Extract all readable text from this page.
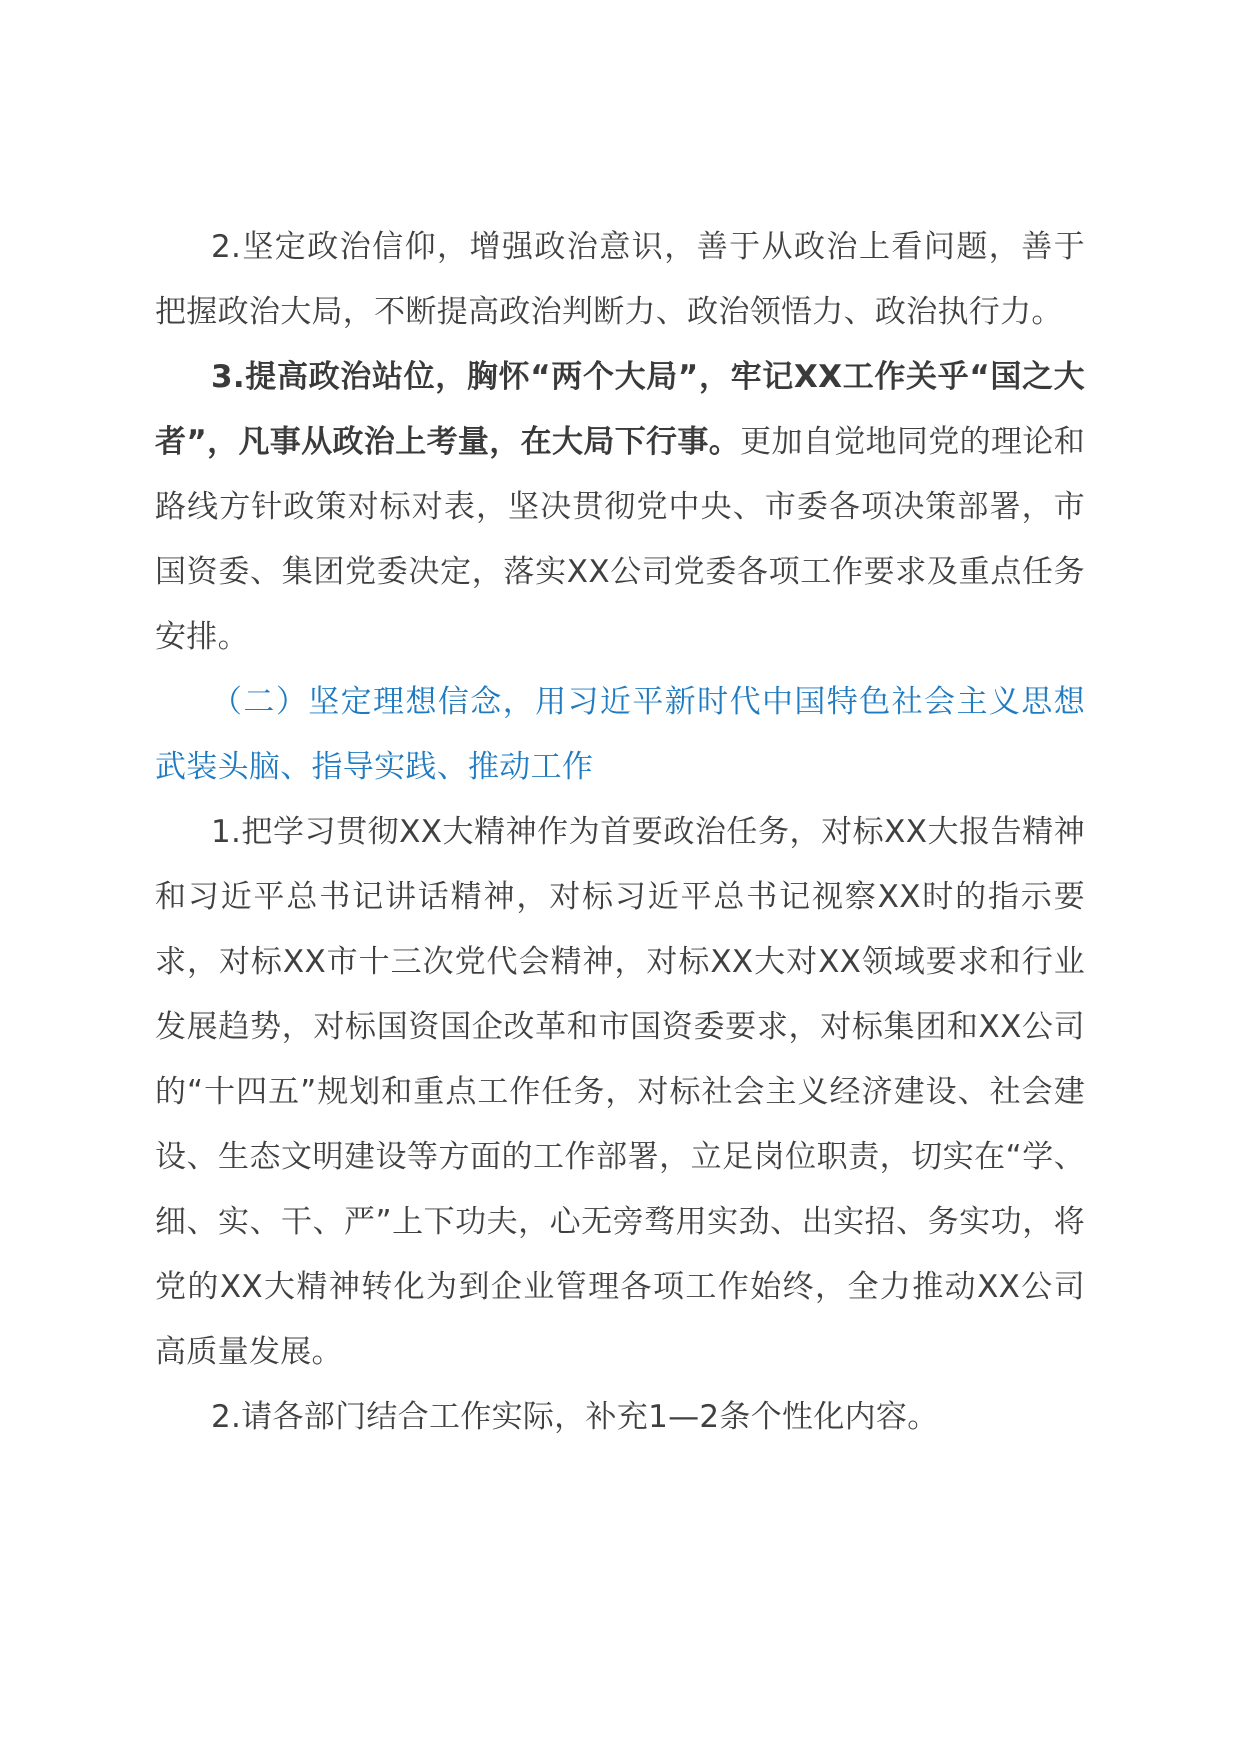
2.坚定政治信仰，增强政治意识，善于从政治上看问题，善于把握政治大局，不断提高政治判断力、政治领悟力、政治执行力。

3.提高政治站位，胸怀“两个大局”，牢记XX工作关乎“国之大者”，凡事从政治上考量，在大局下行事。更加自觉地同党的理论和路线方针政策对标对表，坚决贯彻党中央、市委各项决策部署，市国资委、集团党委决定，落实XX公司党委各项工作要求及重点任务安排。

（二）坚定理想信念，用习近平新时代中国特色社会主义思想武装头脑、指导实践、推动工作

1.把学习贯彻XX大精神作为首要政治任务，对标XX大报告精神和习近平总书记讲话精神，对标习近平总书记视察XX时的指示要求，对标XX市十三次党代会精神，对标XX大对XX领域要求和行业发展趋势，对标国资国企改革和市国资委要求，对标集团和XX公司的“十四五”规划和重点工作任务，对标社会主义经济建设、社会建设、生态文明建设等方面的工作部署，立足岗位职责，切实在“学、细、实、干、严”上下功夫，心无旁骛用实劲、出实招、务实功，将党的XX大精神转化为到企业管理各项工作始终，全力推动XX公司高质量发展。

2.请各部门结合工作实际，补充1—2条个性化内容。
